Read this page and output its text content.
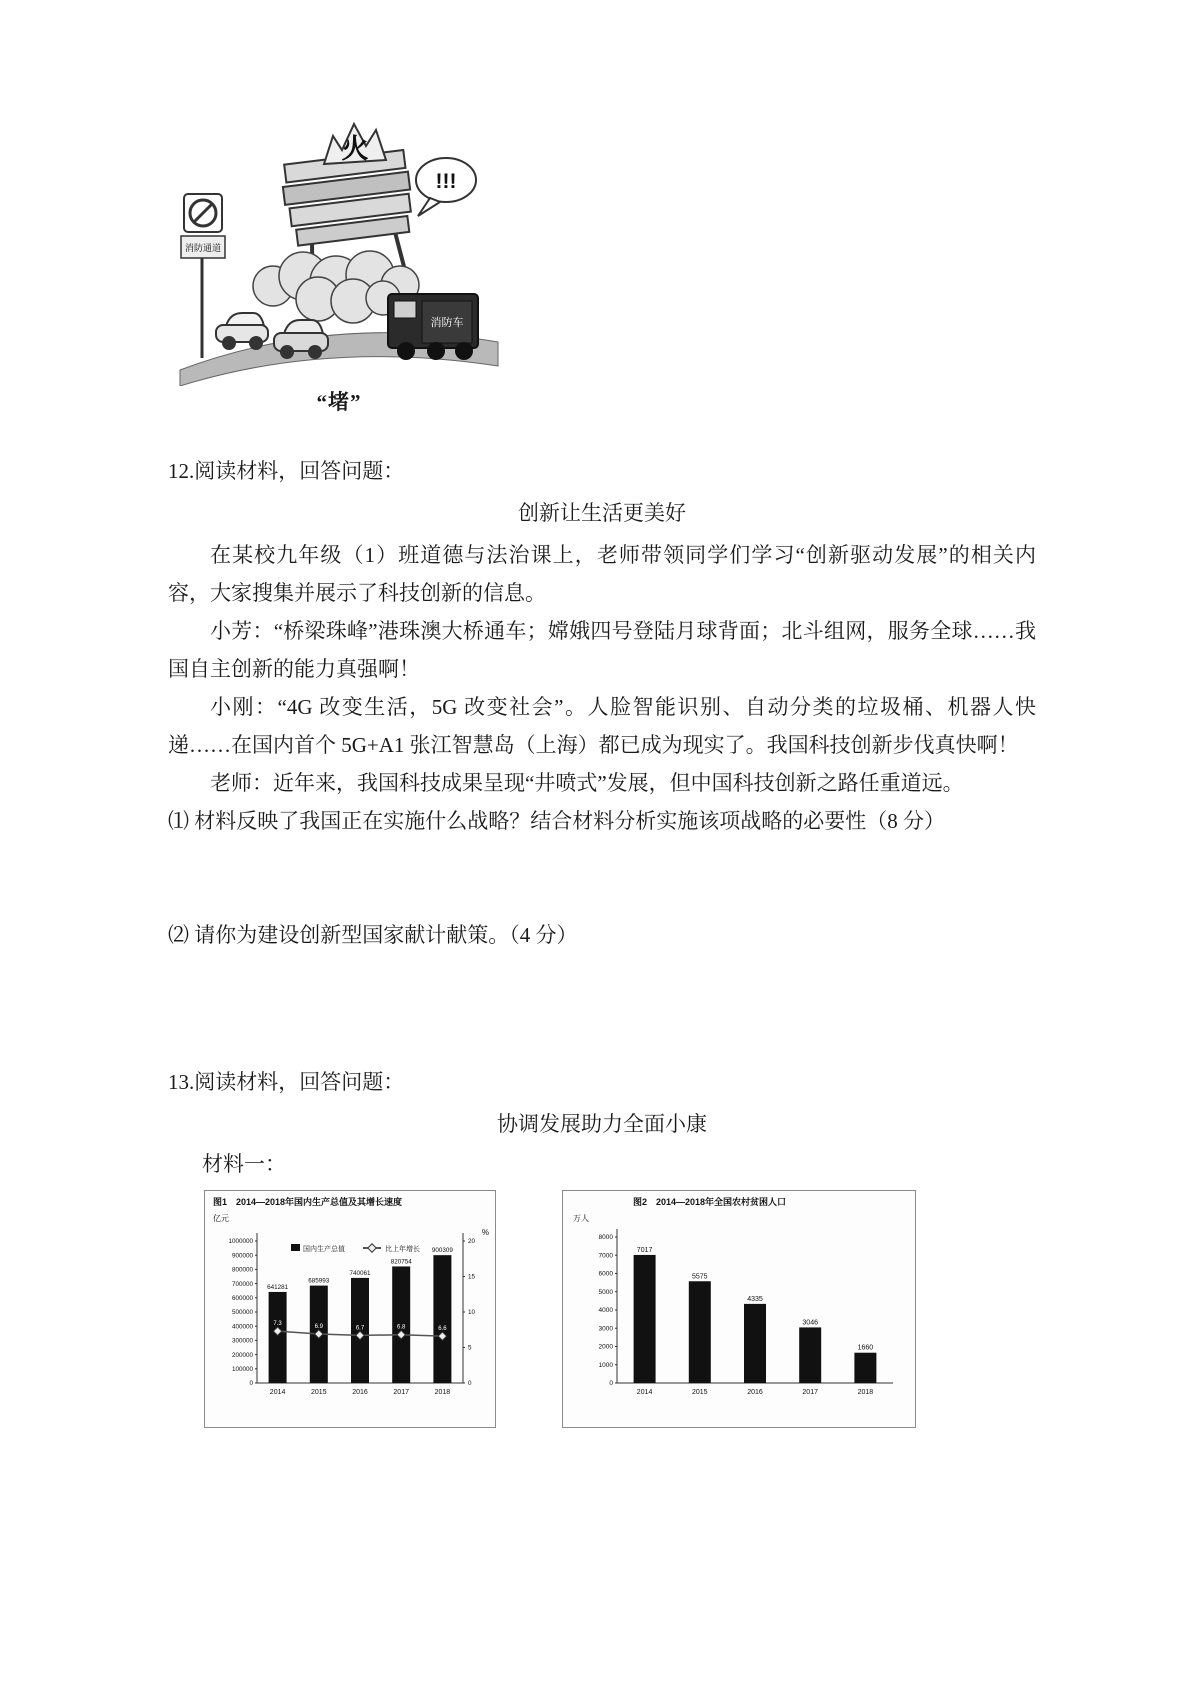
火
消防通道
消防车
!!!
“堵”
12.阅读材料，回答问题：
创新让生活更美好

在某校九年级（1）班道德与法治课上，老师带领同学们学习“创新驱动发展”的相关内容，大家搜集并展示了科技创新的信息。

小芳：“桥梁珠峰”港珠澳大桥通车；嫦娥四号登陆月球背面；北斗组网，服务全球……我国自主创新的能力真强啊！

小刚：“4G 改变生活，5G 改变社会”。人脸智能识别、自动分类的垃圾桶、机器人快递……在国内首个 5G+A1 张江智慧岛（上海）都已成为现实了。我国科技创新步伐真快啊！

老师：近年来，我国科技成果呈现“井喷式”发展，但中国科技创新之路任重道远。

⑴ 材料反映了我国正在实施什么战略？结合材料分析实施该项战略的必要性（8 分）
⑵ 请你为建设创新型国家献计献策。（4 分）
13.阅读材料，回答问题：
协调发展助力全面小康
材料一：
图1　2014—2018年国内生产总值及其增长速度
亿元
%
0
100000
200000
300000
400000
500000
600000
700000
800000
900000
1000000
0
5
10
15
20
国内生产总值	比上年增长
641281
2014
685993
2015
740061
2016
820754
2017
900309
2018
7.3	6.9	6.7	6.8	6.6
图2　2014—2018年全国农村贫困人口
万人
0
1000
2000
3000
4000
5000
6000
7000
8000
7017
2014
5575
2015
4335
2016
3046
2017
1660
2018
